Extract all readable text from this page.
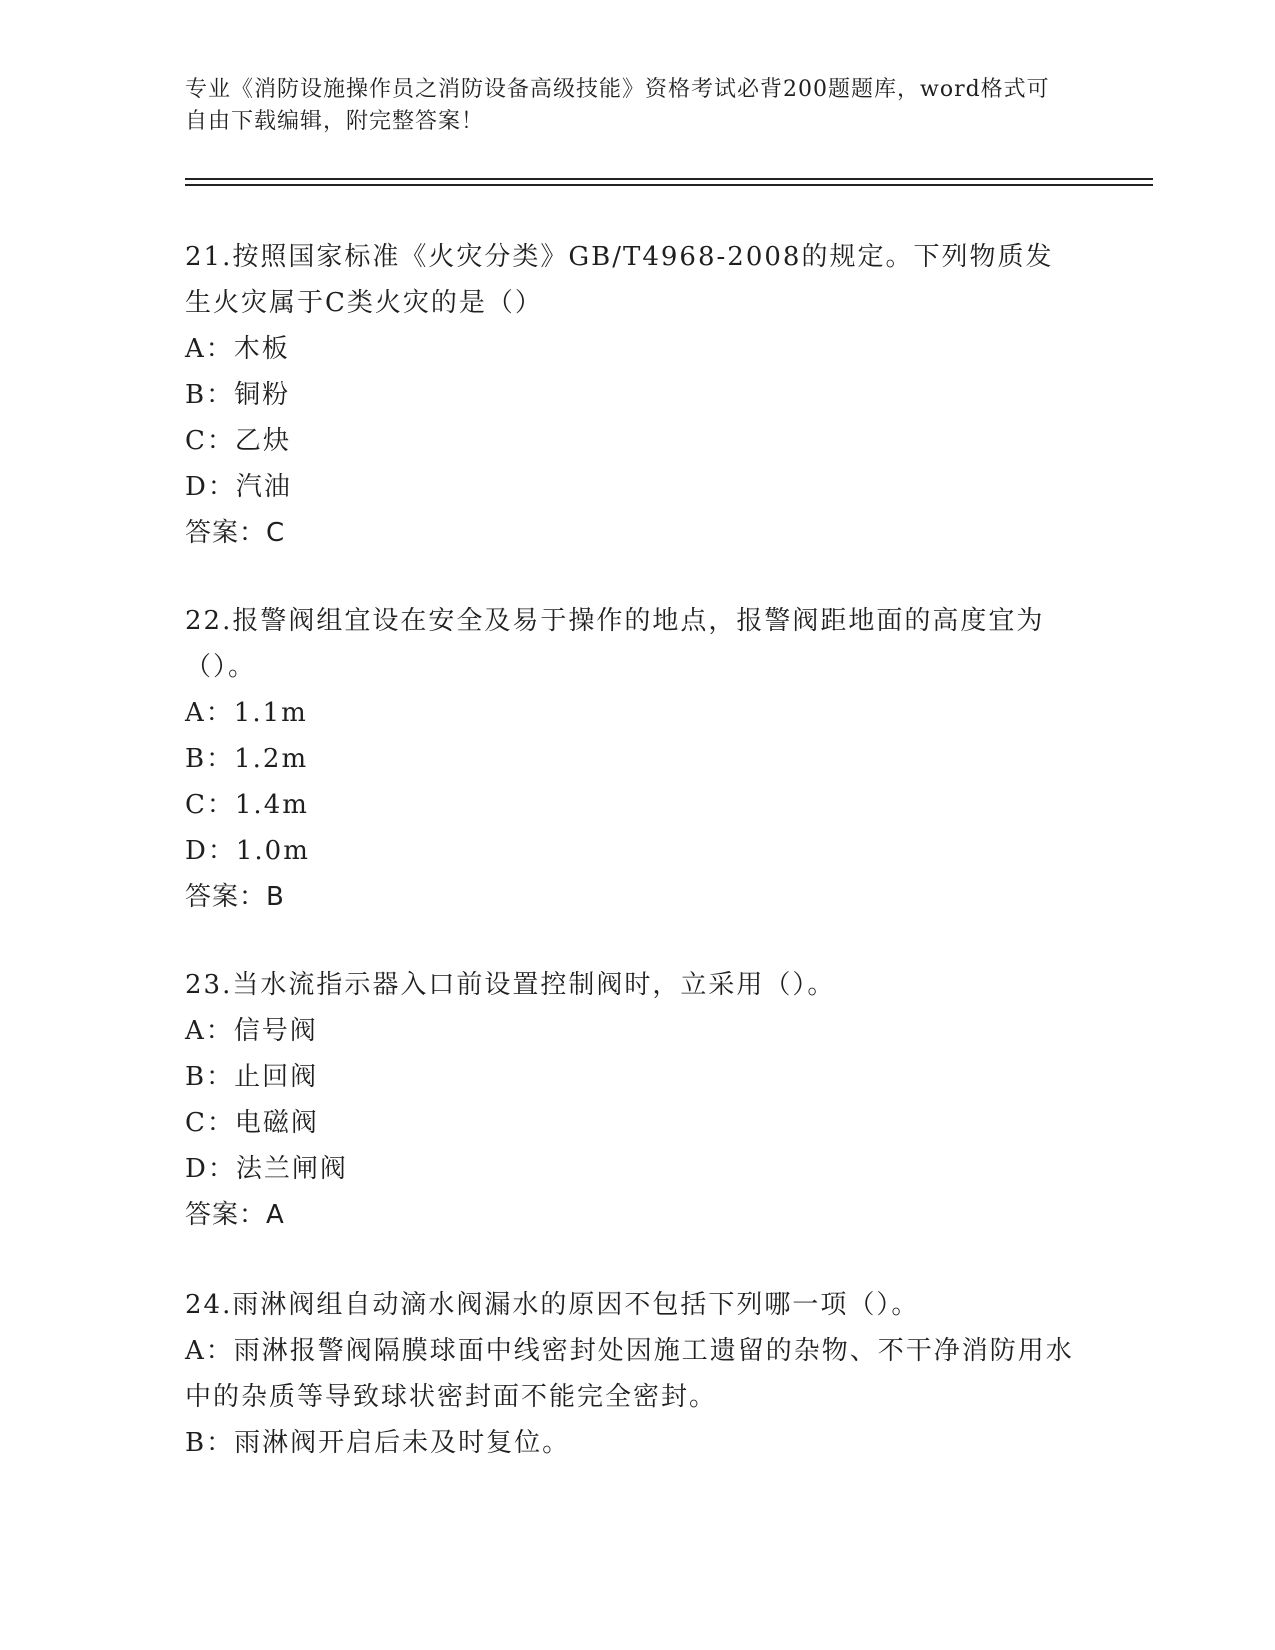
专业《消防设施操作员之消防设备高级技能》资格考试必背200题题库，word格式可自由下载编辑，附完整答案！
21.按照国家标准《火灾分类》GB/T4968-2008的规定。下列物质发生火灾属于C类火灾的是（）
A：木板
B：铜粉
C：乙炔
D：汽油
答案：C
22.报警阀组宜设在安全及易于操作的地点，报警阀距地面的高度宜为（）。
A：1.1m
B：1.2m
C：1.4m
D：1.0m
答案：B
23.当水流指示器入口前设置控制阀时，立采用（）。
A：信号阀
B：止回阀
C：电磁阀
D：法兰闸阀
答案：A
24.雨淋阀组自动滴水阀漏水的原因不包括下列哪一项（）。
A：雨淋报警阀隔膜球面中线密封处因施工遗留的杂物、不干净消防用水中的杂质等导致球状密封面不能完全密封。
B：雨淋阀开启后未及时复位。
